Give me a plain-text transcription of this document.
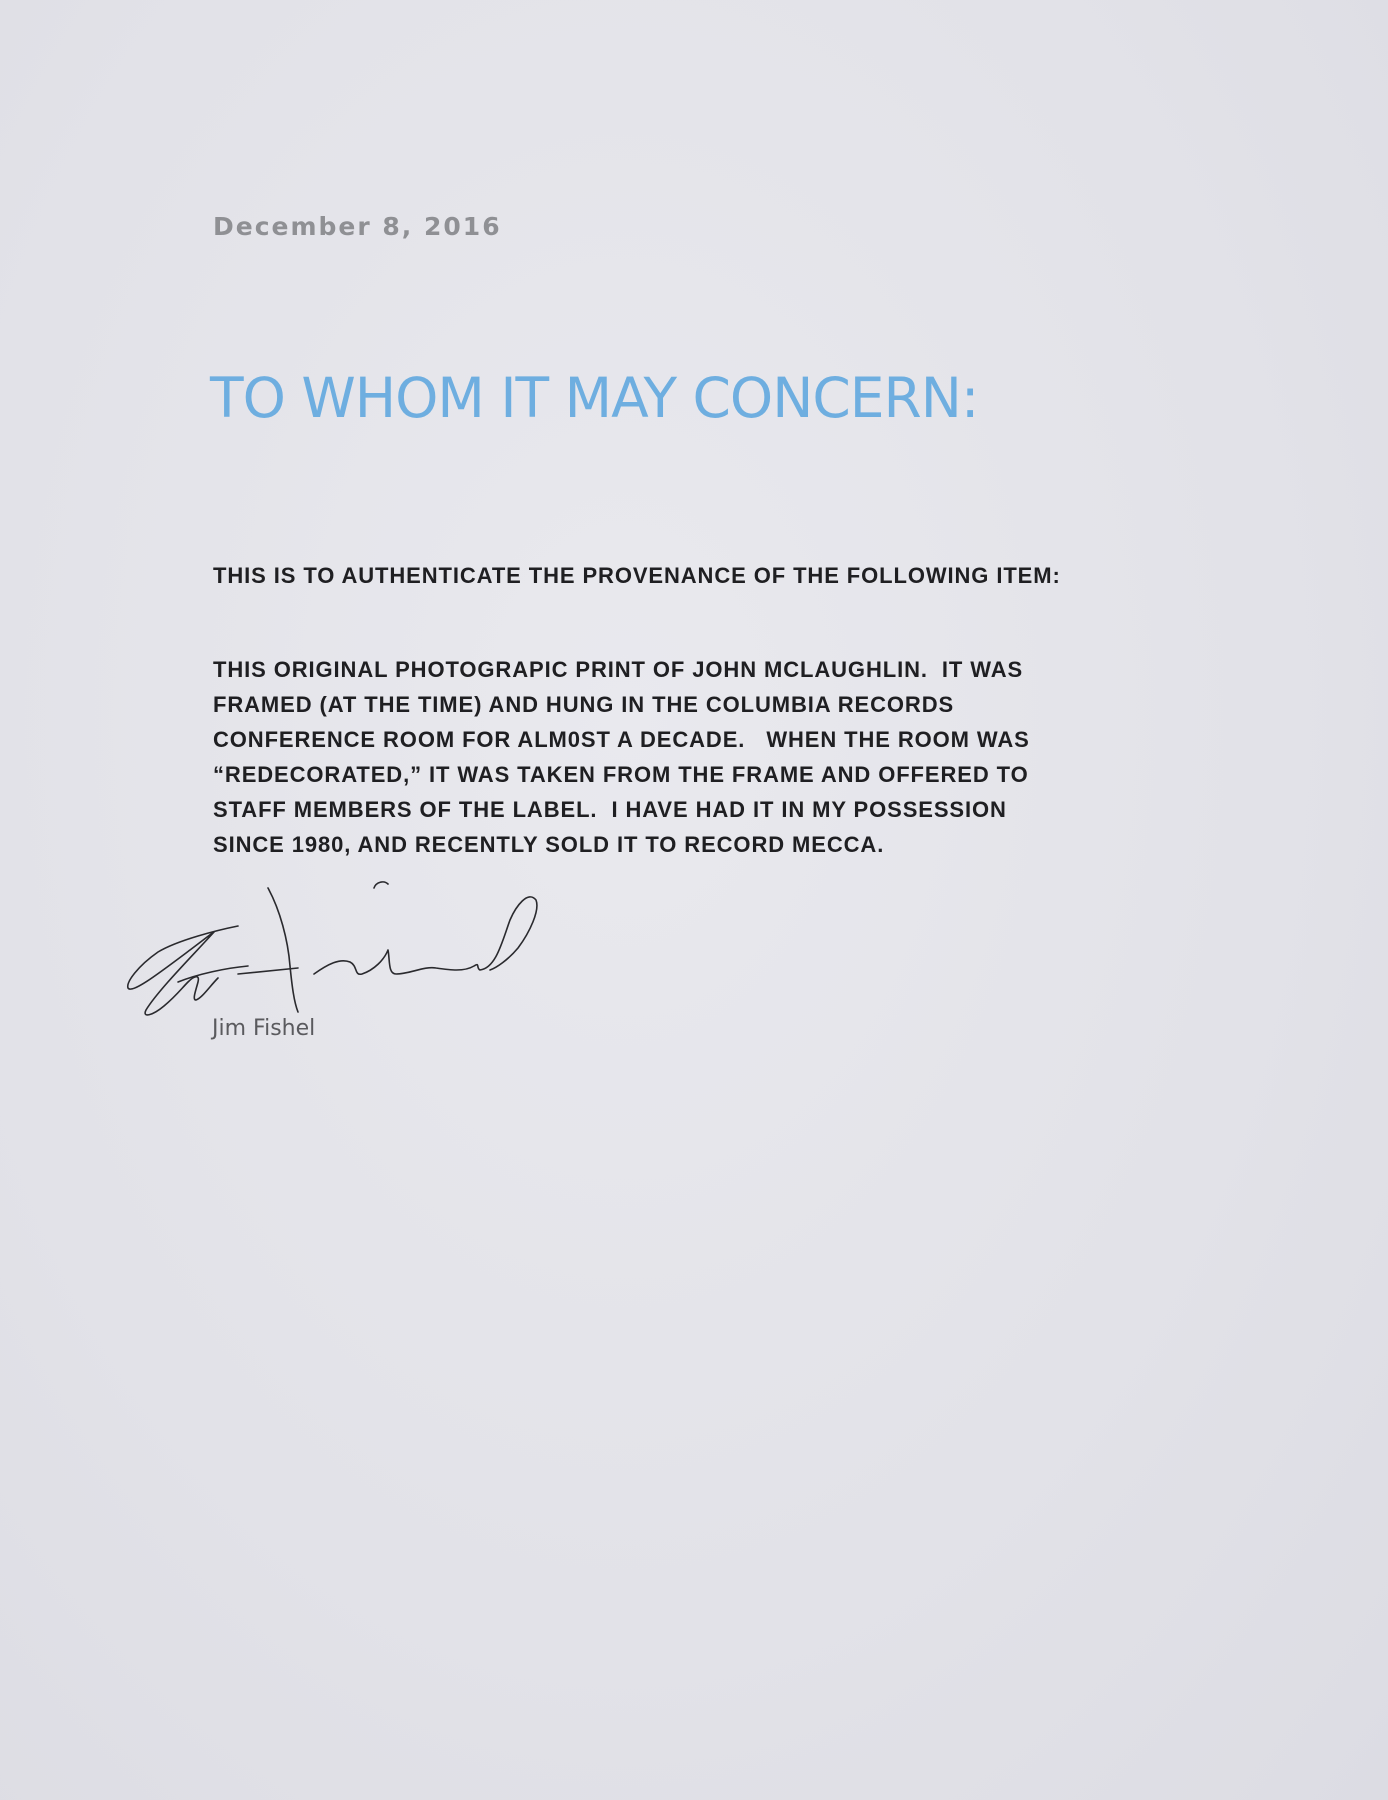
December 8, 2016
TO WHOM IT MAY CONCERN:

THIS IS TO AUTHENTICATE THE PROVENANCE OF THE FOLLOWING ITEM:

THIS ORIGINAL PHOTOGRAPIC PRINT OF JOHN MCLAUGHLIN.  IT WAS
FRAMED (AT THE TIME) AND HUNG IN THE COLUMBIA RECORDS
CONFERENCE ROOM FOR ALM0ST A DECADE.   WHEN THE ROOM WAS
“REDECORATED,” IT WAS TAKEN FROM THE FRAME AND OFFERED TO
STAFF MEMBERS OF THE LABEL.  I HAVE HAD IT IN MY POSSESSION
SINCE 1980, AND RECENTLY SOLD IT TO RECORD MECCA.
Jim Fishel
